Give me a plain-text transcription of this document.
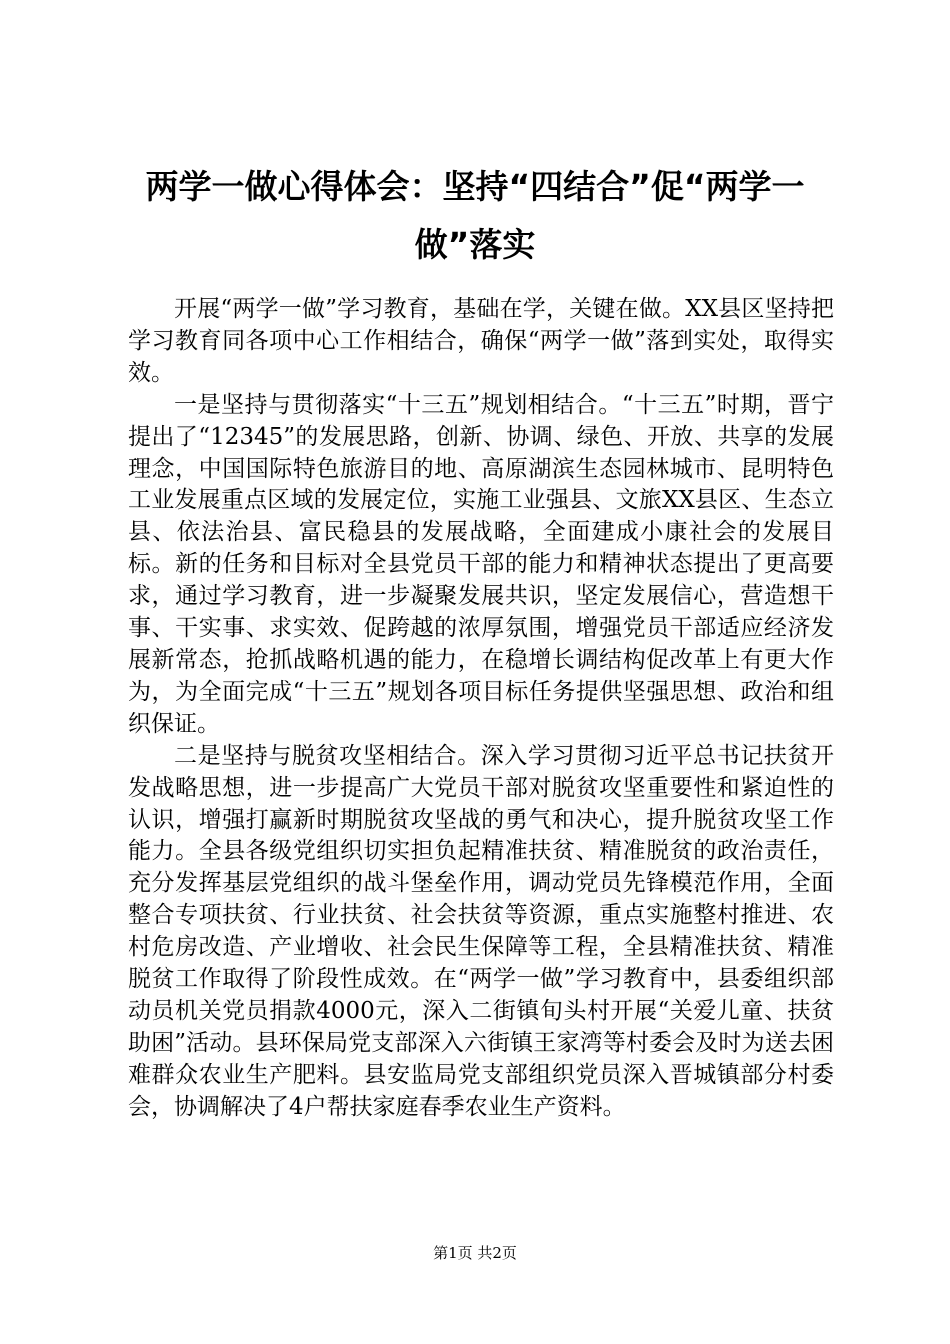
两学一做心得体会：坚持“四结合”促“两学一做”落实

开展“两学一做”学习教育，基础在学，关键在做。XX县区坚持把学习教育同各项中心工作相结合，确保“两学一做”落到实处，取得实效。

一是坚持与贯彻落实“十三五”规划相结合。“十三五”时期，晋宁提出了“12345”的发展思路，创新、协调、绿色、开放、共享的发展理念，中国国际特色旅游目的地、高原湖滨生态园林城市、昆明特色工业发展重点区域的发展定位，实施工业强县、文旅XX县区、生态立县、依法治县、富民稳县的发展战略，全面建成小康社会的发展目标。新的任务和目标对全县党员干部的能力和精神状态提出了更高要求，通过学习教育，进一步凝聚发展共识，坚定发展信心，营造想干事、干实事、求实效、促跨越的浓厚氛围，增强党员干部适应经济发展新常态，抢抓战略机遇的能力，在稳增长调结构促改革上有更大作为，为全面完成“十三五”规划各项目标任务提供坚强思想、政治和组织保证。

二是坚持与脱贫攻坚相结合。深入学习贯彻习近平总书记扶贫开发战略思想，进一步提高广大党员干部对脱贫攻坚重要性和紧迫性的认识，增强打赢新时期脱贫攻坚战的勇气和决心，提升脱贫攻坚工作能力。全县各级党组织切实担负起精准扶贫、精准脱贫的政治责任，充分发挥基层党组织的战斗堡垒作用，调动党员先锋模范作用，全面整合专项扶贫、行业扶贫、社会扶贫等资源，重点实施整村推进、农村危房改造、产业增收、社会民生保障等工程，全县精准扶贫、精准脱贫工作取得了阶段性成效。在“两学一做”学习教育中，县委组织部动员机关党员捐款4000元，深入二街镇旬头村开展“关爱儿童、扶贫助困”活动。县环保局党支部深入六街镇王家湾等村委会及时为送去困难群众农业生产肥料。县安监局党支部组织党员深入晋城镇部分村委会，协调解决了4户帮扶家庭春季农业生产资料。

第1页 共2页
